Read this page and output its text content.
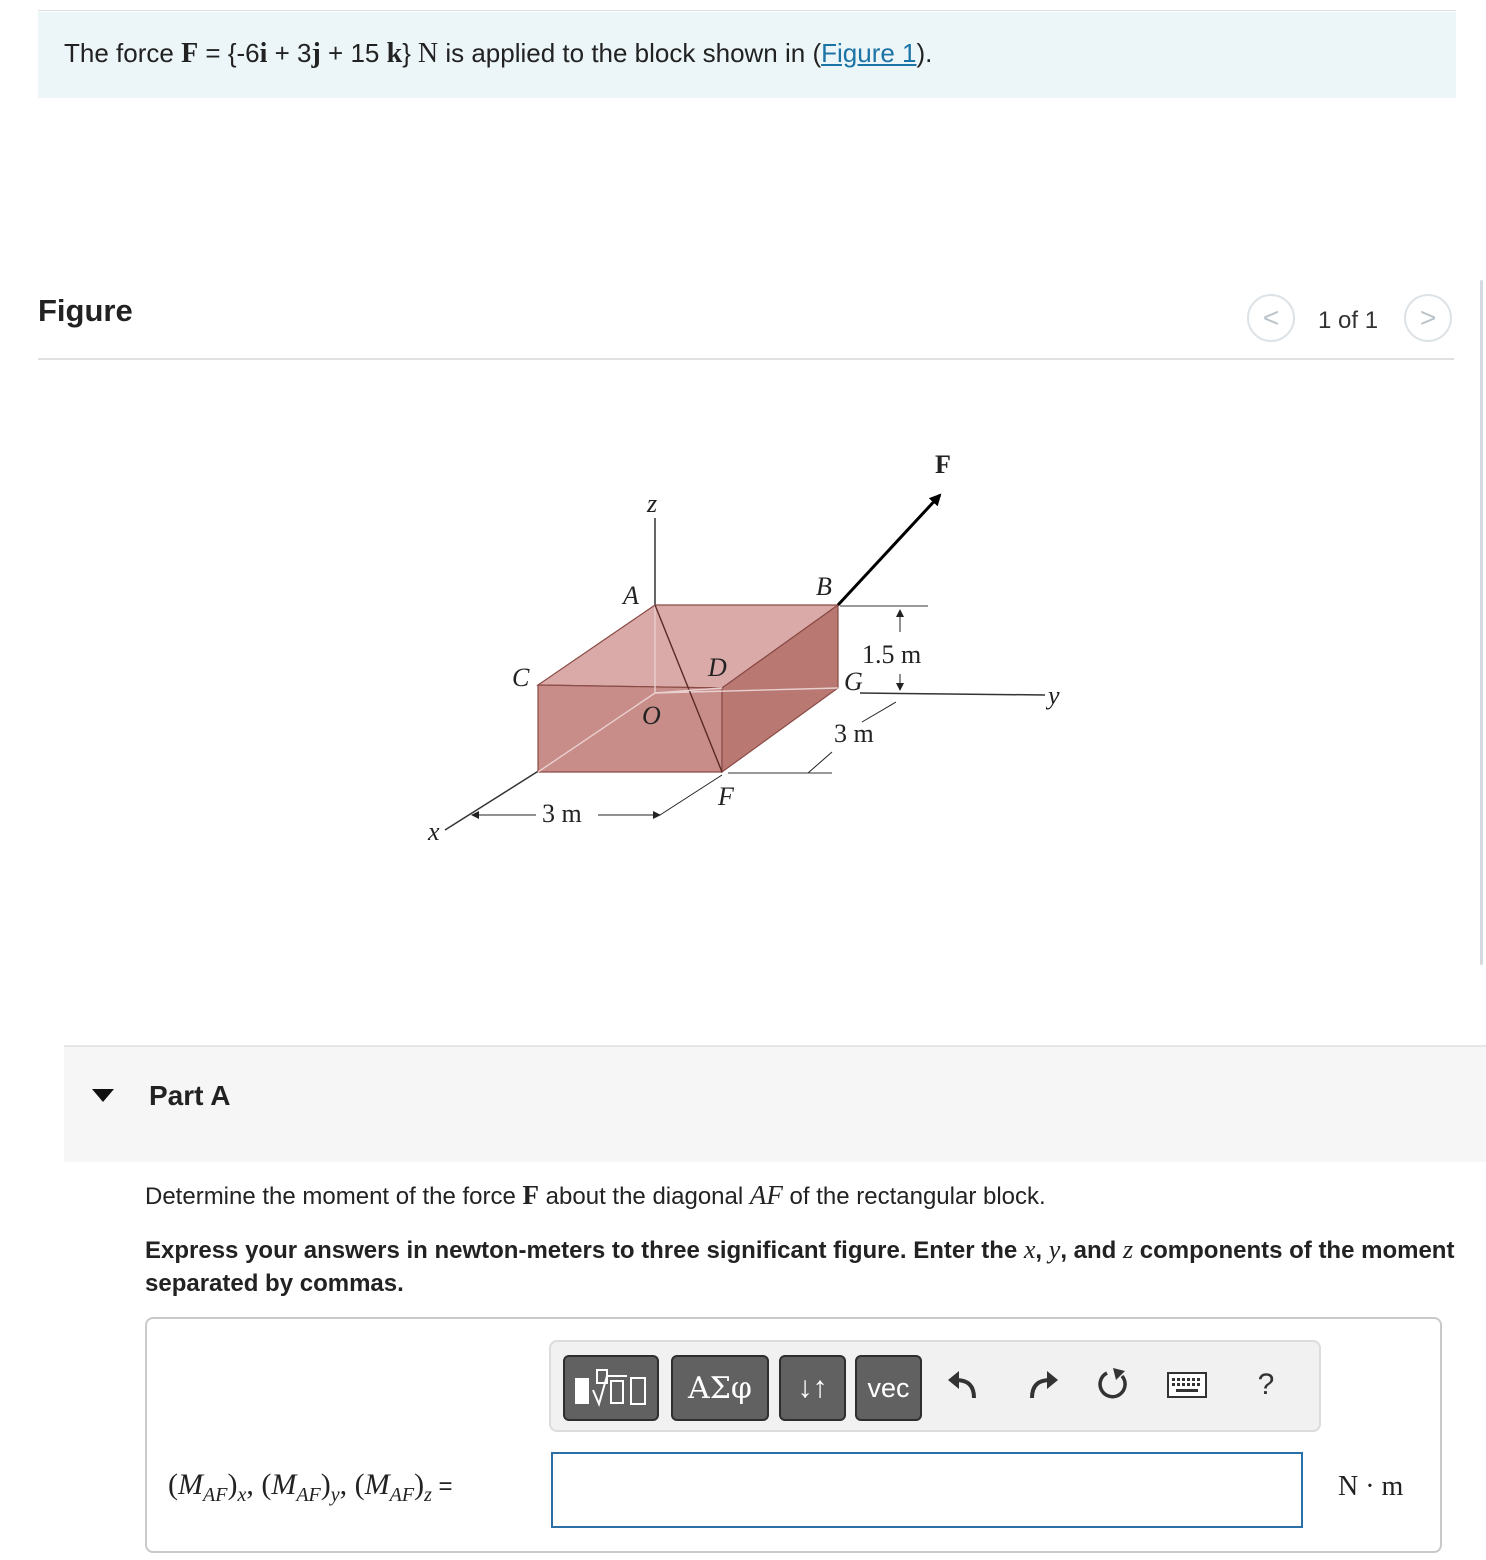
The force F = {-6i + 3j + 15 k} N is applied to the block shown in (Figure 1).
Figure	< 1 of 1 >
z
y
x
A	B
C	D
O
F
G
F
1.5 m
3 m
3 m
Part A
Determine the moment of the force F about the diagonal AF of the rectangular block.
Express your answers in newton-meters to three significant figure. Enter the x, y, and z components of the moment separated by commas.
ΑΣφ ↓↑ vec	?
$(M_{AF})_x$, $(M_{AF})_y$, $(M_{AF})_z$ =	N · m
